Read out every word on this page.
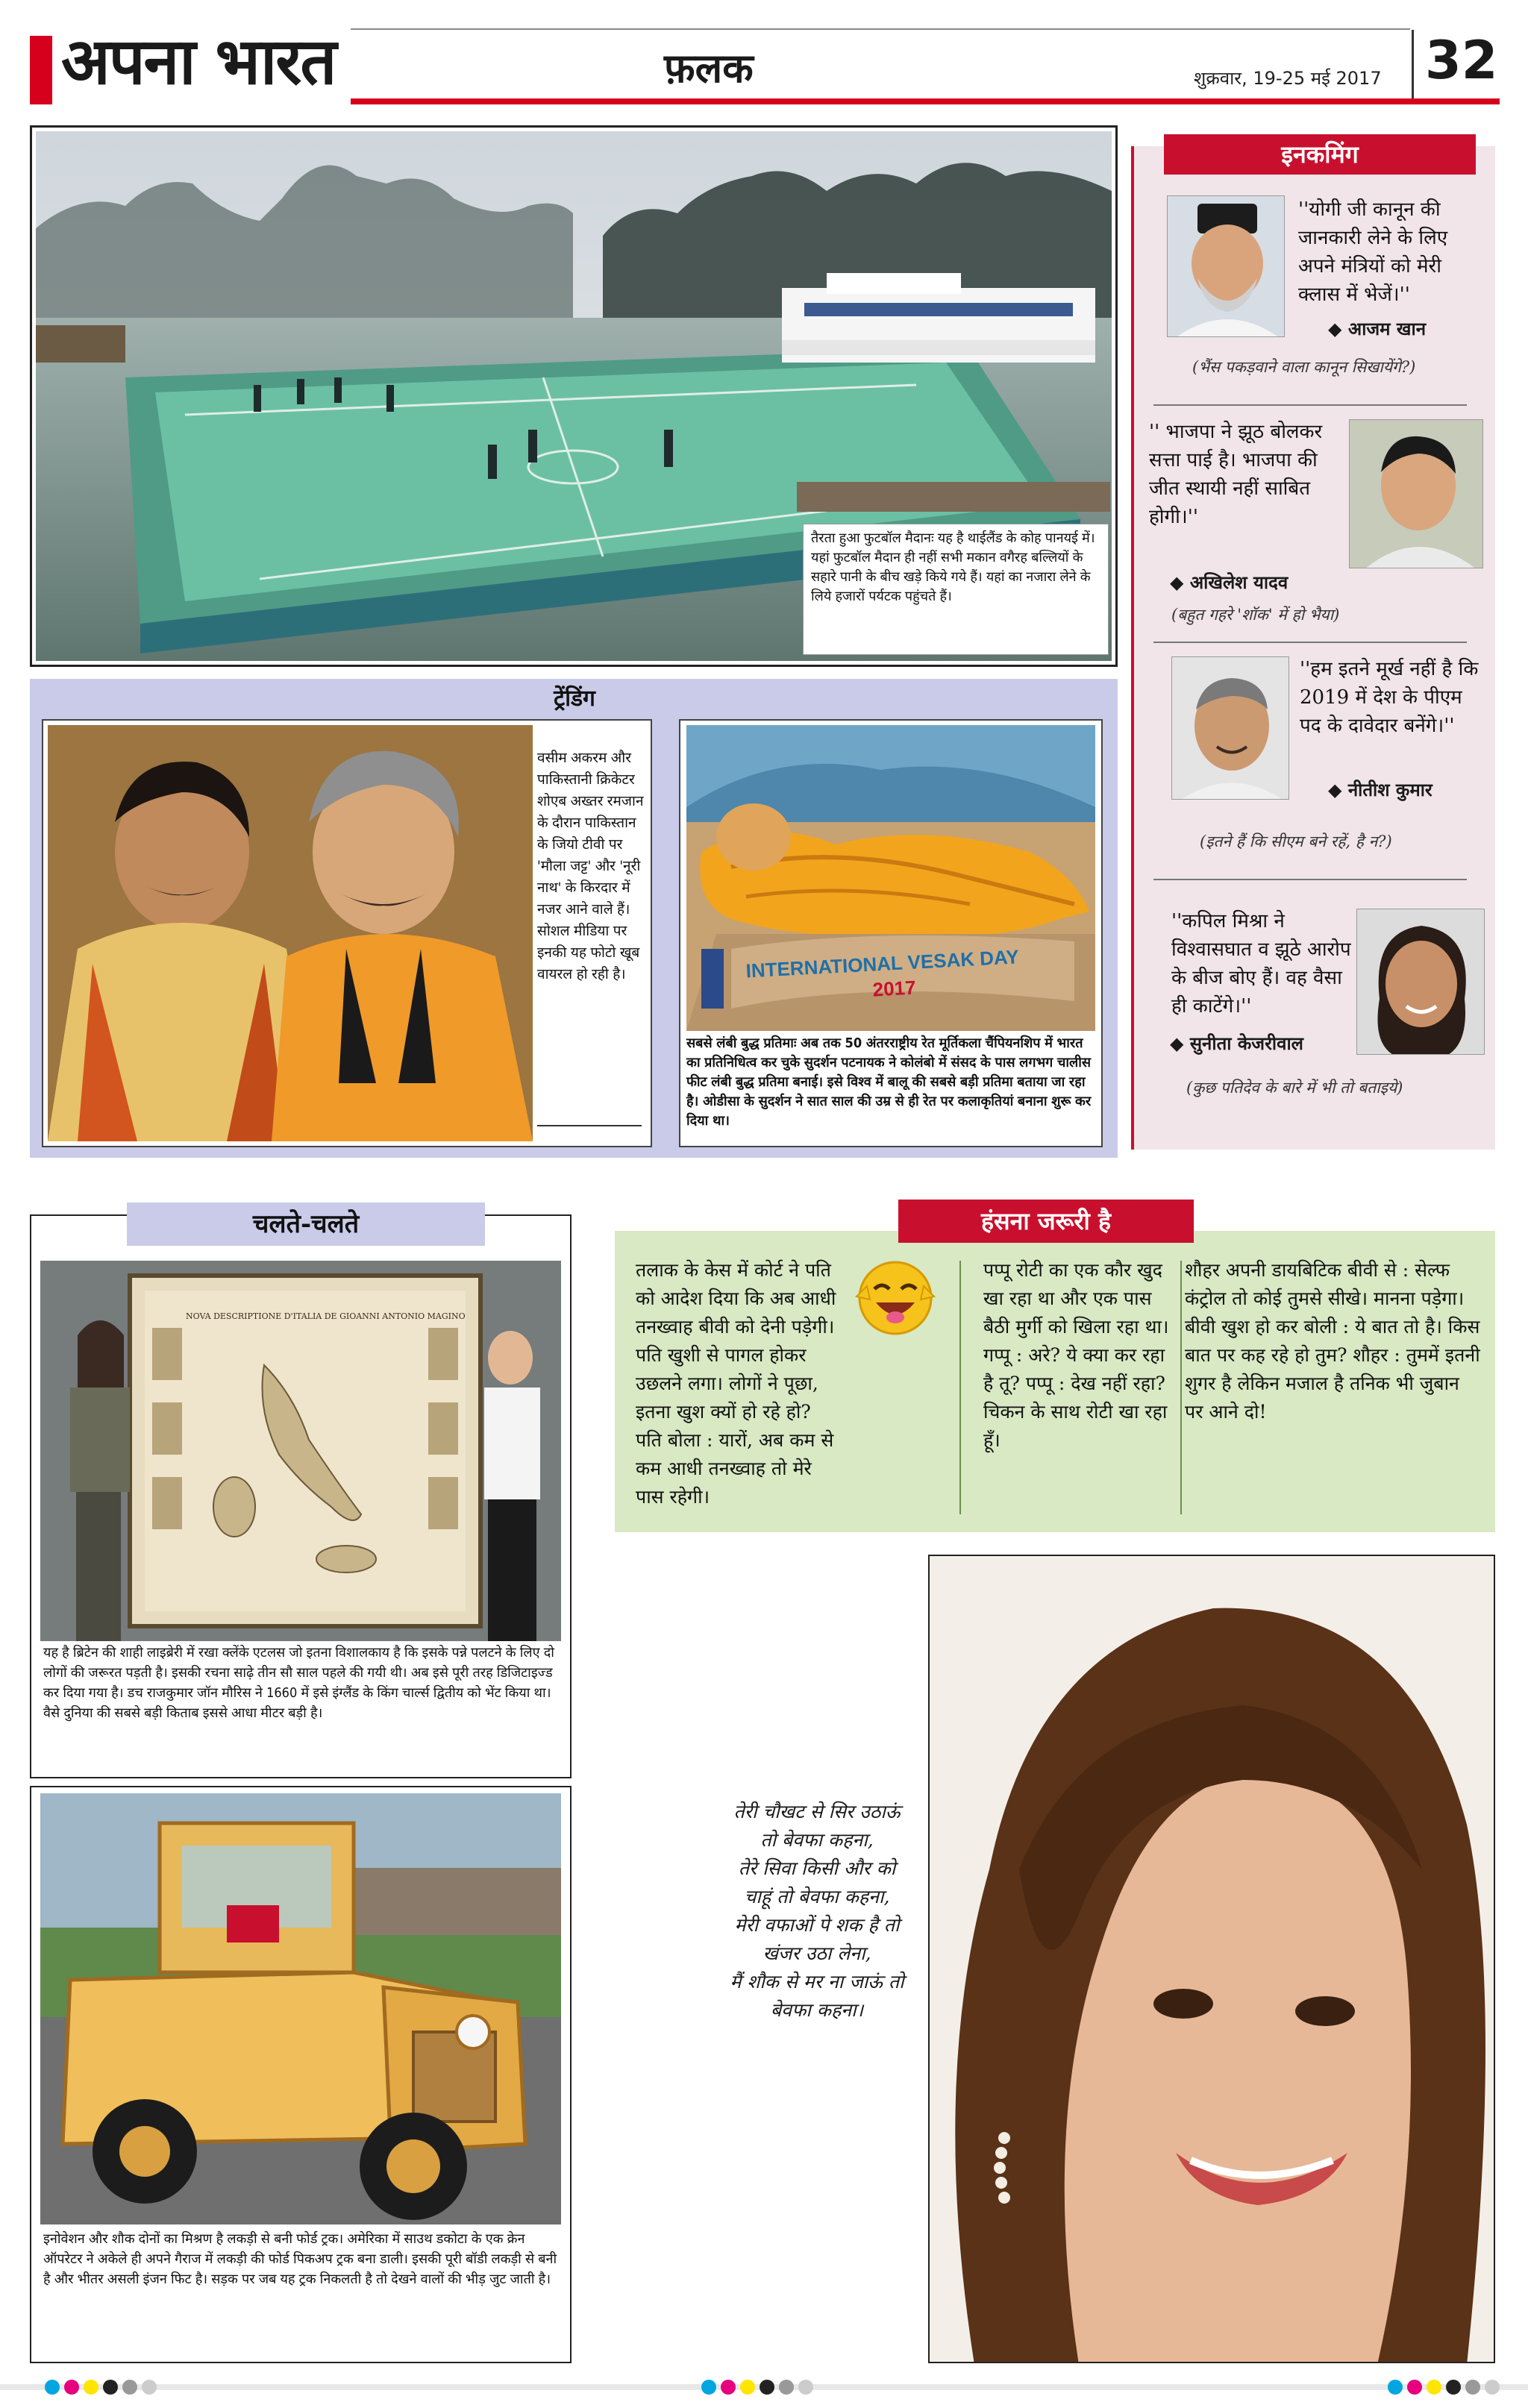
अपना भारत	फ़लक	शुक्रवार, 19-25 मई 2017 32
तैरता हुआ फुटबॉल मैदानः यह है थाईलैंड के कोह पानयई में। यहां फुटबॉल मैदान ही नहीं सभी मकान वगैरह बल्लियों के सहारे पानी के बीच खड़े किये गये हैं। यहां का नजारा लेने के लिये हजारों पर्यटक पहुंचते हैं।
ट्रेंडिंग
वसीम अकरम और पाकिस्तानी क्रिकेटर शोएब अख्तर रमजान के दौरान पाकिस्तान के जियो टीवी पर 'मौला जट्ट' और 'नूरी नाथ' के किरदार में नजर आने वाले हैं। सोशल मीडिया पर इनकी यह फोटो खूब वायरल हो रही है।	INTERNATIONAL VESAK DAY
2017
सबसे लंबी बुद्ध प्रतिमाः अब तक 50 अंतरराष्ट्रीय रेत मूर्तिकला चैंपियनशिप में भारत का प्रतिनिधित्व कर चुके सुदर्शन पटनायक ने कोलंबो में संसद के पास लगभग चालीस फीट लंबी बुद्ध प्रतिमा बनाई। इसे विश्व में बालू की सबसे बड़ी प्रतिमा बताया जा रहा है। ओडीसा के सुदर्शन ने सात साल की उम्र से ही रेत पर कलाकृतियां बनाना शुरू कर दिया था।
इनकमिंग
''योगी जी कानून की जानकारी लेने के लिए अपने मंत्रियों को मेरी क्लास में भेजें।''
◆ आजम खान
(भैंस पकड़वाने वाला कानून सिखायेंगे?)
'' भाजपा ने झूठ बोलकर सत्ता पाई है। भाजपा की जीत स्थायी नहीं साबित होगी।''
◆ अखिलेश यादव
(बहुत गहरे 'शॉक' में हो भैया)
''हम इतने मूर्ख नहीं है कि 2019 में देश के पीएम पद के दावेदार बनेंगे।''
◆ नीतीश कुमार
(इतने हैं कि सीएम बने रहें, है न?)
''कपिल मिश्रा ने विश्वासघात व झूठे आरोप के बीज बोए हैं। वह वैसा ही काटेंगे।''
◆ सुनीता केजरीवाल
(कुछ पतिदेव के बारे में भी तो बताइये)
चलते-चलते
NOVA DESCRIPTIONE D'ITALIA DE GIOANNI ANTONIO MAGINO
यह है ब्रिटेन की शाही लाइब्रेरी में रखा क्लेंके एटलस जो इतना विशालकाय है कि इसके पन्ने पलटने के लिए दो लोगों की जरूरत पड़ती है। इसकी रचना साढ़े तीन सौ साल पहले की गयी थी। अब इसे पूरी तरह डिजिटाइज्ड कर दिया गया है। डच राजकुमार जॉन मौरिस ने 1660 में इसे इंग्लैंड के किंग चार्ल्स द्वितीय को भेंट किया था। वैसे दुनिया की सबसे बड़ी किताब इससे आधा मीटर बड़ी है।
इनोवेशन और शौक दोनों का मिश्रण है लकड़ी से बनी फोर्ड ट्रक। अमेरिका में साउथ डकोटा के एक क्रेन ऑपरेटर ने अकेले ही अपने गैराज में लकड़ी की फोर्ड पिकअप ट्रक बना डाली। इसकी पूरी बॉडी लकड़ी से बनी है और भीतर असली इंजन फिट है। सड़क पर जब यह ट्रक निकलती है तो देखने वालों की भीड़ जुट जाती है।
हंसना जरूरी है
तलाक के केस में कोर्ट ने पति को आदेश दिया कि अब आधी तनख्वाह बीवी को देनी पड़ेगी। पति खुशी से पागल होकर उछलने लगा। लोगों ने पूछा, इतना खुश क्यों हो रहे हो? पति बोला : यारों, अब कम से कम आधी तनख्वाह तो मेरे पास रहेगी।
पप्पू रोटी का एक कौर खुद खा रहा था और एक पास बैठी मुर्गी को खिला रहा था। गप्पू : अरे? ये क्या कर रहा है तू? पप्पू : देख नहीं रहा? चिकन के साथ रोटी खा रहा हूँ।
शौहर अपनी डायबिटिक बीवी से : सेल्फ कंट्रोल तो कोई तुमसे सीखे। मानना पड़ेगा। बीवी खुश हो कर बोली : ये बात तो है। किस बात पर कह रहे हो तुम? शौहर : तुममें इतनी शुगर है लेकिन मजाल है तनिक भी जुबान पर आने दो!
तेरी चौखट से सिर उठाऊं
तो बेवफा कहना,
तेरे सिवा किसी और को
चाहूं तो बेवफा कहना,
मेरी वफाओं पे शक है तो
खंजर उठा लेना,
मैं शौक से मर ना जाऊं तो
बेवफा कहना।
